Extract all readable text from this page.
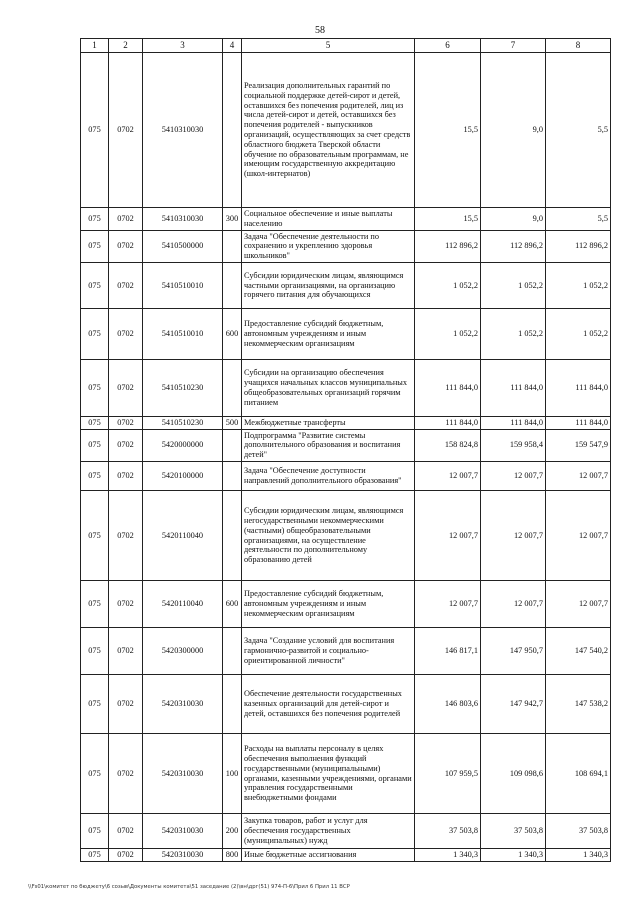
58
1	2	3	4	5	6	7	8
075	0702	5410310030		Реализация дополнительных гарантий по социальной поддержке детей-сирот и детей, оставшихся без попечения родителей, лиц из числа детей-сирот и детей, оставшихся без попечения родителей - выпускников организаций, осуществляющих за счет средств областного бюджета Тверской области обучение по образовательным программам, не имеющим государственную аккредитацию (школ-интернатов)	15,5	9,0	5,5
075	0702	5410310030	300	Социальное обеспечение и иные выплаты населению	15,5	9,0	5,5
075	0702	5410500000		Задача "Обеспечение деятельности по сохранению и укреплению здоровья школьников"	112 896,2	112 896,2	112 896,2
075	0702	5410510010		Субсидии юридическим лицам, являющимся частными организациями, на организацию горячего питания для обучающихся	1 052,2	1 052,2	1 052,2
075	0702	5410510010	600	Предоставление субсидий бюджетным, автономным учреждениям и иным некоммерческим организациям	1 052,2	1 052,2	1 052,2
075	0702	5410510230		Субсидии на организацию обеспечения учащихся начальных классов муниципальных общеобразовательных организаций горячим питанием	111 844,0	111 844,0	111 844,0
075	0702	5410510230	500	Межбюджетные трансферты	111 844,0	111 844,0	111 844,0
075	0702	5420000000		Подпрограмма "Развитие системы дополнительного образования и воспитания детей"	158 824,8	159 958,4	159 547,9
075	0702	5420100000		Задача "Обеспечение доступности направлений дополнительного образования"	12 007,7	12 007,7	12 007,7
075	0702	5420110040		Субсидии юридическим лицам, являющимся негосударственными некоммерческими (частными) общеобразовательными организациями, на осуществление деятельности по дополнительному образованию детей	12 007,7	12 007,7	12 007,7
075	0702	5420110040	600	Предоставление субсидий бюджетным, автономным учреждениям и иным некоммерческим организациям	12 007,7	12 007,7	12 007,7
075	0702	5420300000		Задача "Создание условий для воспитания гармонично-развитой и социально-ориентированной личности"	146 817,1	147 950,7	147 540,2
075	0702	5420310030		Обеспечение деятельности государственных казенных организаций для детей-сирот и детей, оставшихся без попечения родителей	146 803,6	147 942,7	147 538,2
075	0702	5420310030	100	Расходы на выплаты персоналу в целях обеспечения выполнения функций государственными (муниципальными) органами, казенными учреждениями, органами управления государственными внебюджетными фондами	107 959,5	109 098,6	108 694,1
075	0702	5420310030	200	Закупка товаров, работ и услуг для обеспечения государственных (муниципальных) нужд	37 503,8	37 503,8	37 503,8
075	0702	5420310030	800	Иные бюджетные ассигнования	1 340,3	1 340,3	1 340,3
\\Fs01\комитет по бюджету\6 созыв\Документы комитета\51 заседание (2)\вн\дрг(51) 974-П-6\Прил 6 Прил 11 ВСР
